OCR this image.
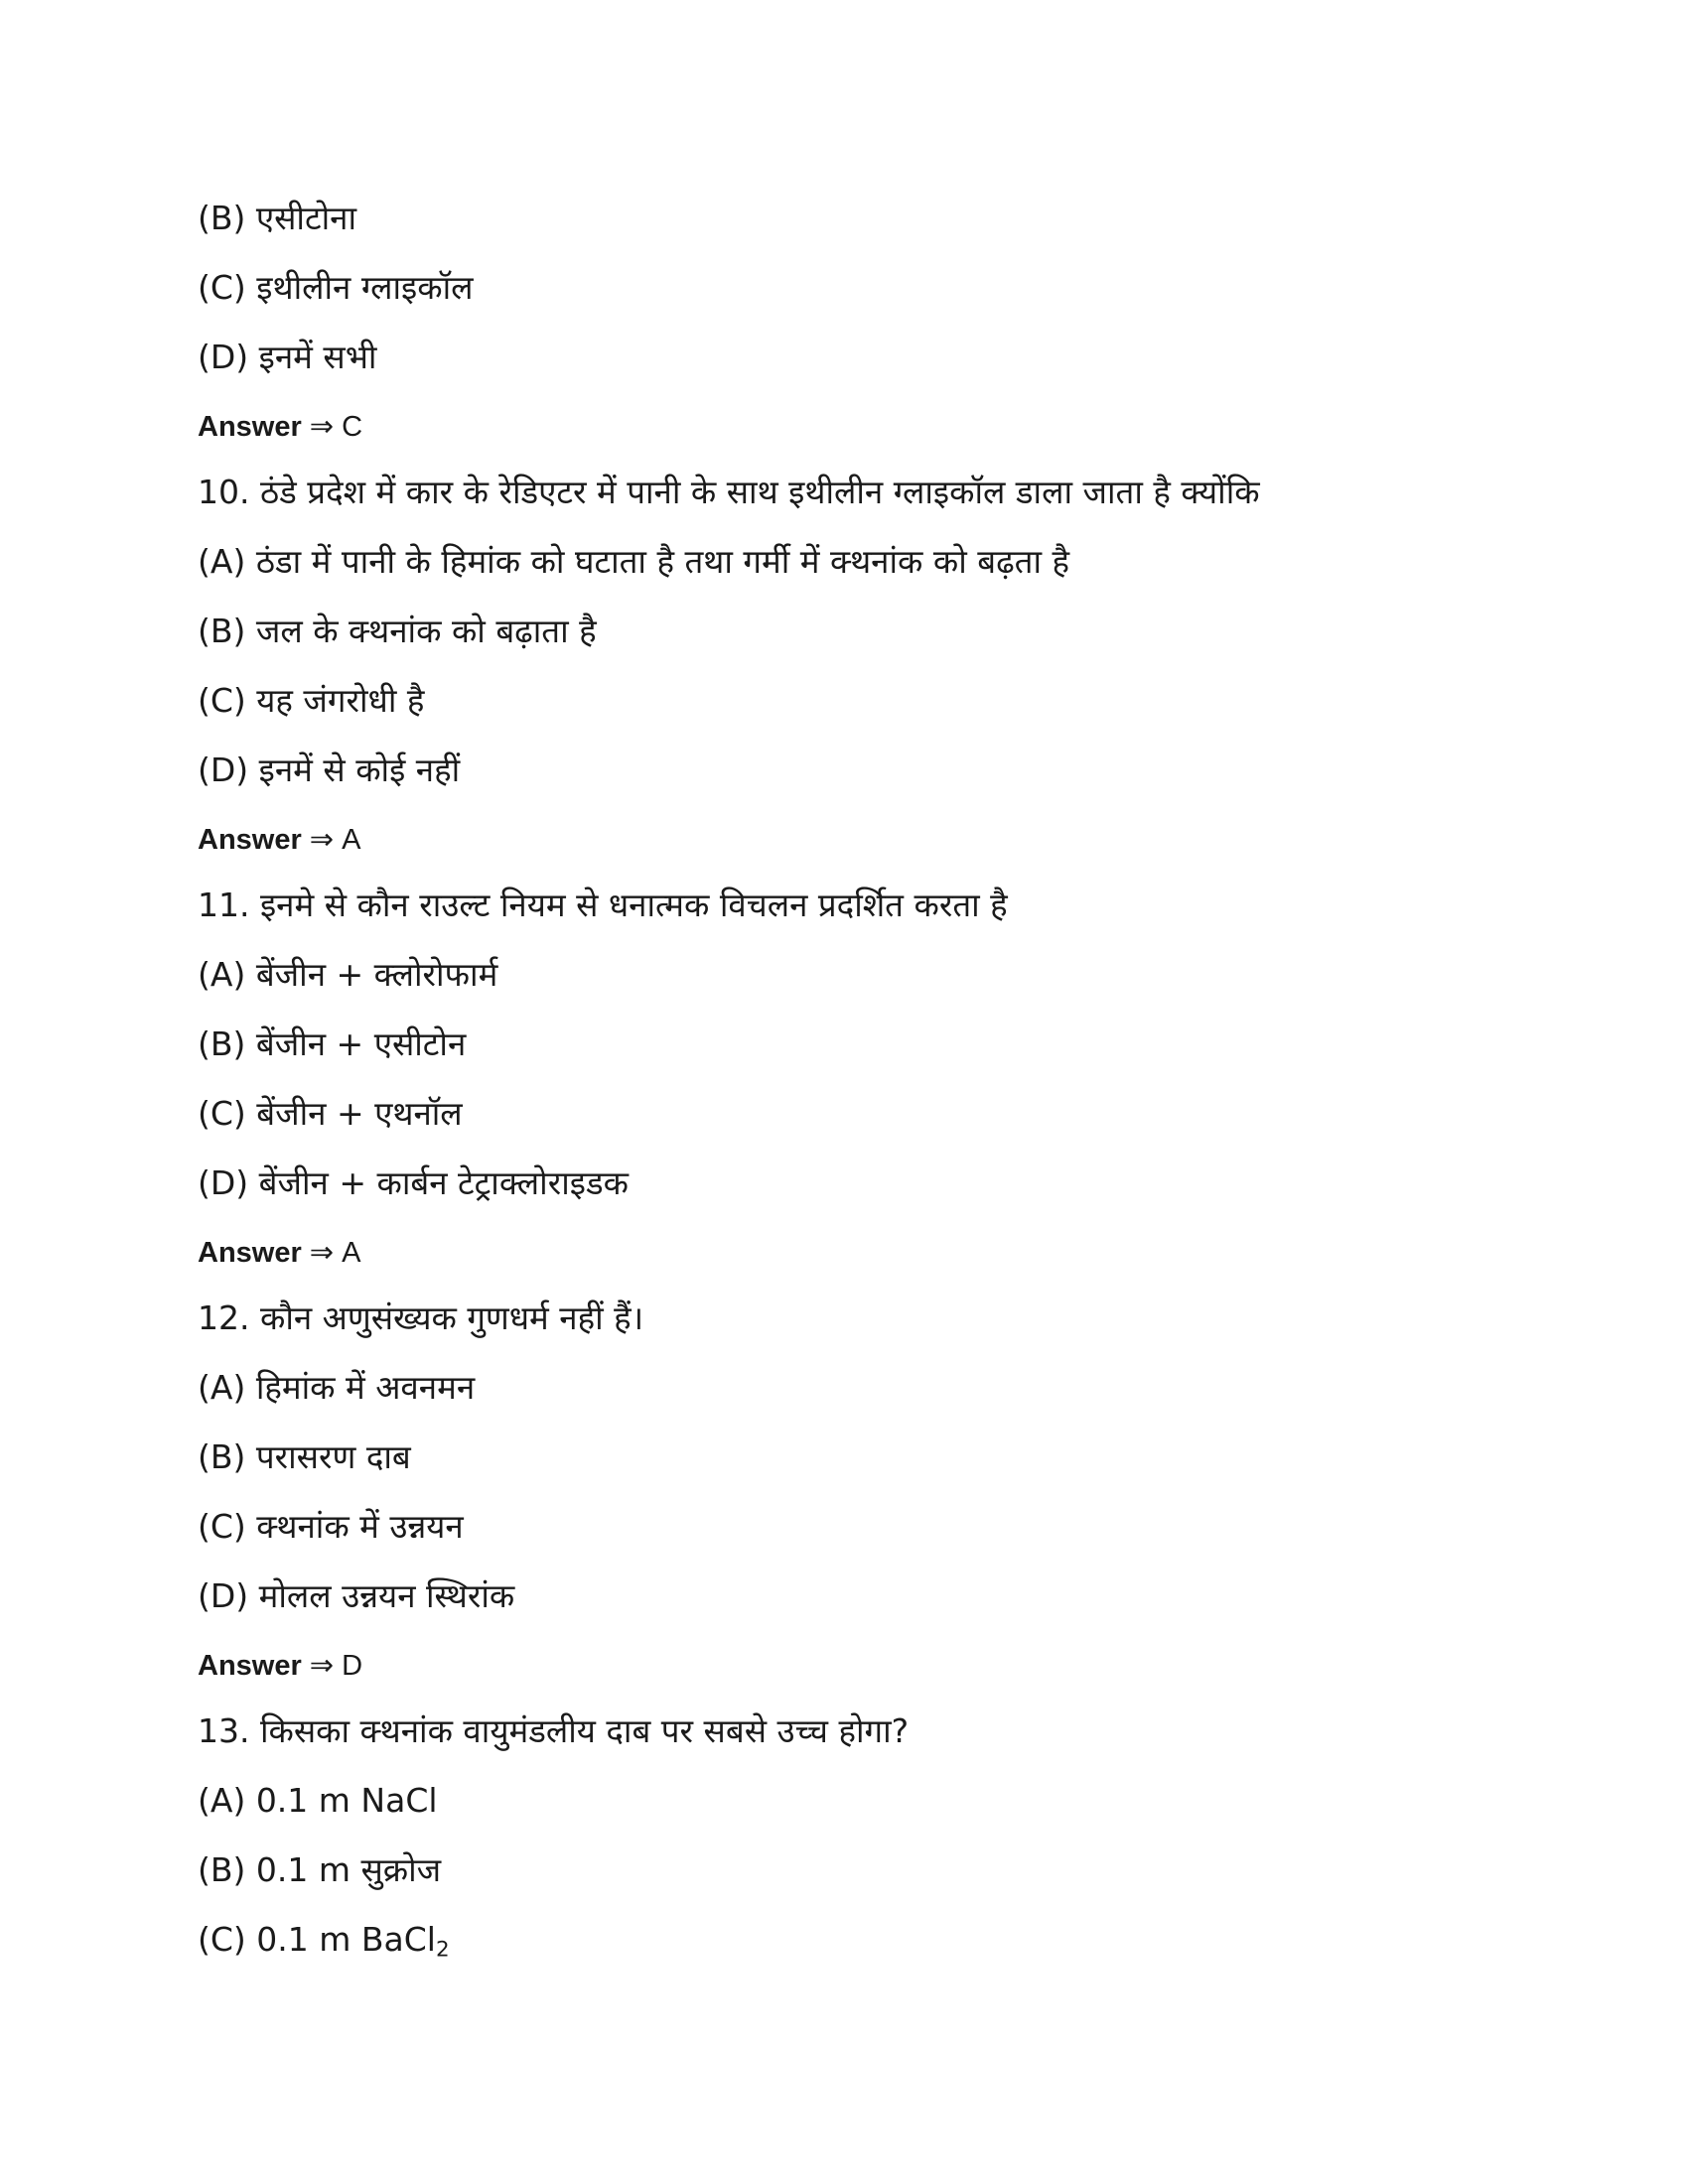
(B) एसीटोना
(C) इथीलीन ग्लाइकॉल
(D) इनमें सभी
Answer ⇒ C
10. ठंडे प्रदेश में कार के रेडिएटर में पानी के साथ इथीलीन ग्लाइकॉल डाला जाता है क्योंकि
(A) ठंडा में पानी के हिमांक को घटाता है तथा गर्मी में क्थनांक को बढ़ता है
(B) जल के क्थनांक को बढ़ाता है
(C) यह जंगरोधी है
(D) इनमें से कोई नहीं
Answer ⇒ A
11. इनमे से कौन राउल्ट नियम से धनात्मक विचलन प्रदर्शित करता है
(A) बेंजीन + क्लोरोफार्म
(B) बेंजीन + एसीटोन
(C) बेंजीन + एथनॉल
(D) बेंजीन + कार्बन टेट्राक्लोराइडक
Answer ⇒ A
12. कौन अणुसंख्यक गुणधर्म नहीं हैं।
(A) हिमांक में अवनमन
(B) परासरण दाब
(C) क्थनांक में उन्नयन
(D) मोलल उन्नयन स्थिरांक
Answer ⇒ D
13. किसका क्थनांक वायुमंडलीय दाब पर सबसे उच्च होगा?
(A) 0.1 m NaCl
(B) 0.1 m सुक्रोज
(C) 0.1 m BaCl$_2$
